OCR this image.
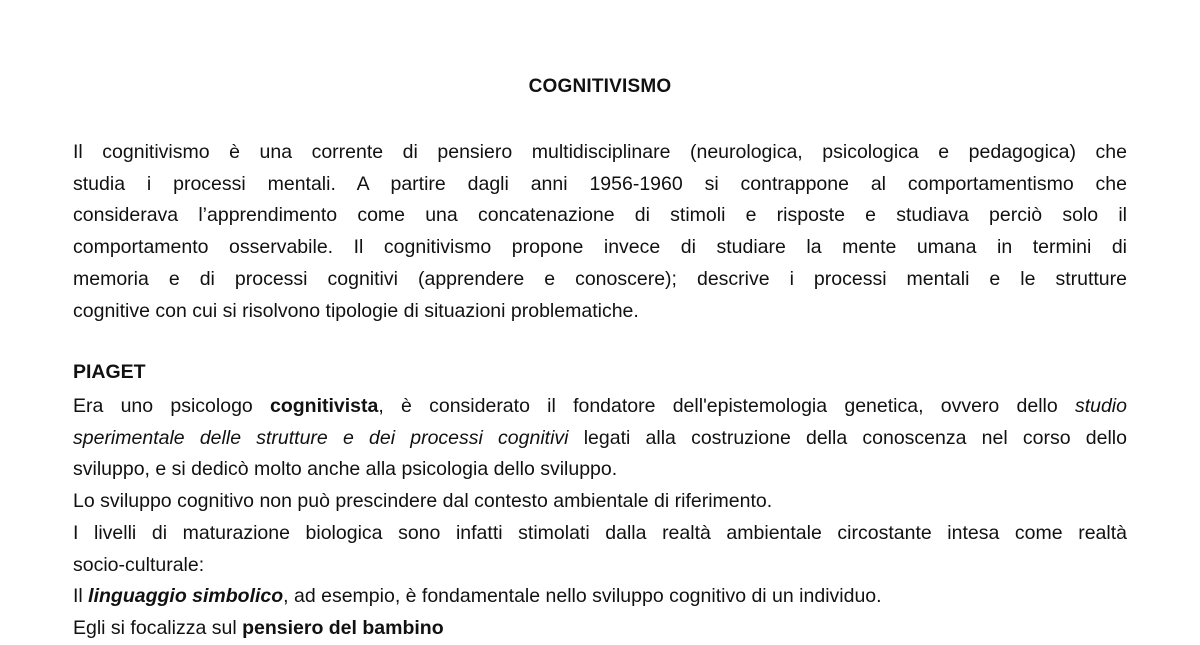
COGNITIVISMO
Il cognitivismo è una corrente di pensiero multidisciplinare (neurologica, psicologica e pedagogica) che
studia i processi mentali. A partire dagli anni 1956-1960 si contrappone al comportamentismo che
considerava l’apprendimento come una concatenazione di stimoli e risposte e studiava perciò solo il
comportamento osservabile. Il cognitivismo propone invece di studiare la mente umana in termini di
memoria e di processi cognitivi (apprendere e conoscere); descrive i processi mentali e le strutture
cognitive con cui si risolvono tipologie di situazioni problematiche.
PIAGET
Era uno psicologo cognitivista, è considerato il fondatore dell'epistemologia genetica, ovvero dello studio
sperimentale delle strutture e dei processi cognitivi legati alla costruzione della conoscenza nel corso dello
sviluppo, e si dedicò molto anche alla psicologia dello sviluppo.
Lo sviluppo cognitivo non può prescindere dal contesto ambientale di riferimento.
I livelli di maturazione biologica sono infatti stimolati dalla realtà ambientale circostante intesa come realtà
socio-culturale:
Il linguaggio simbolico, ad esempio, è fondamentale nello sviluppo cognitivo di un individuo.
Egli si focalizza sul pensiero del bambino
